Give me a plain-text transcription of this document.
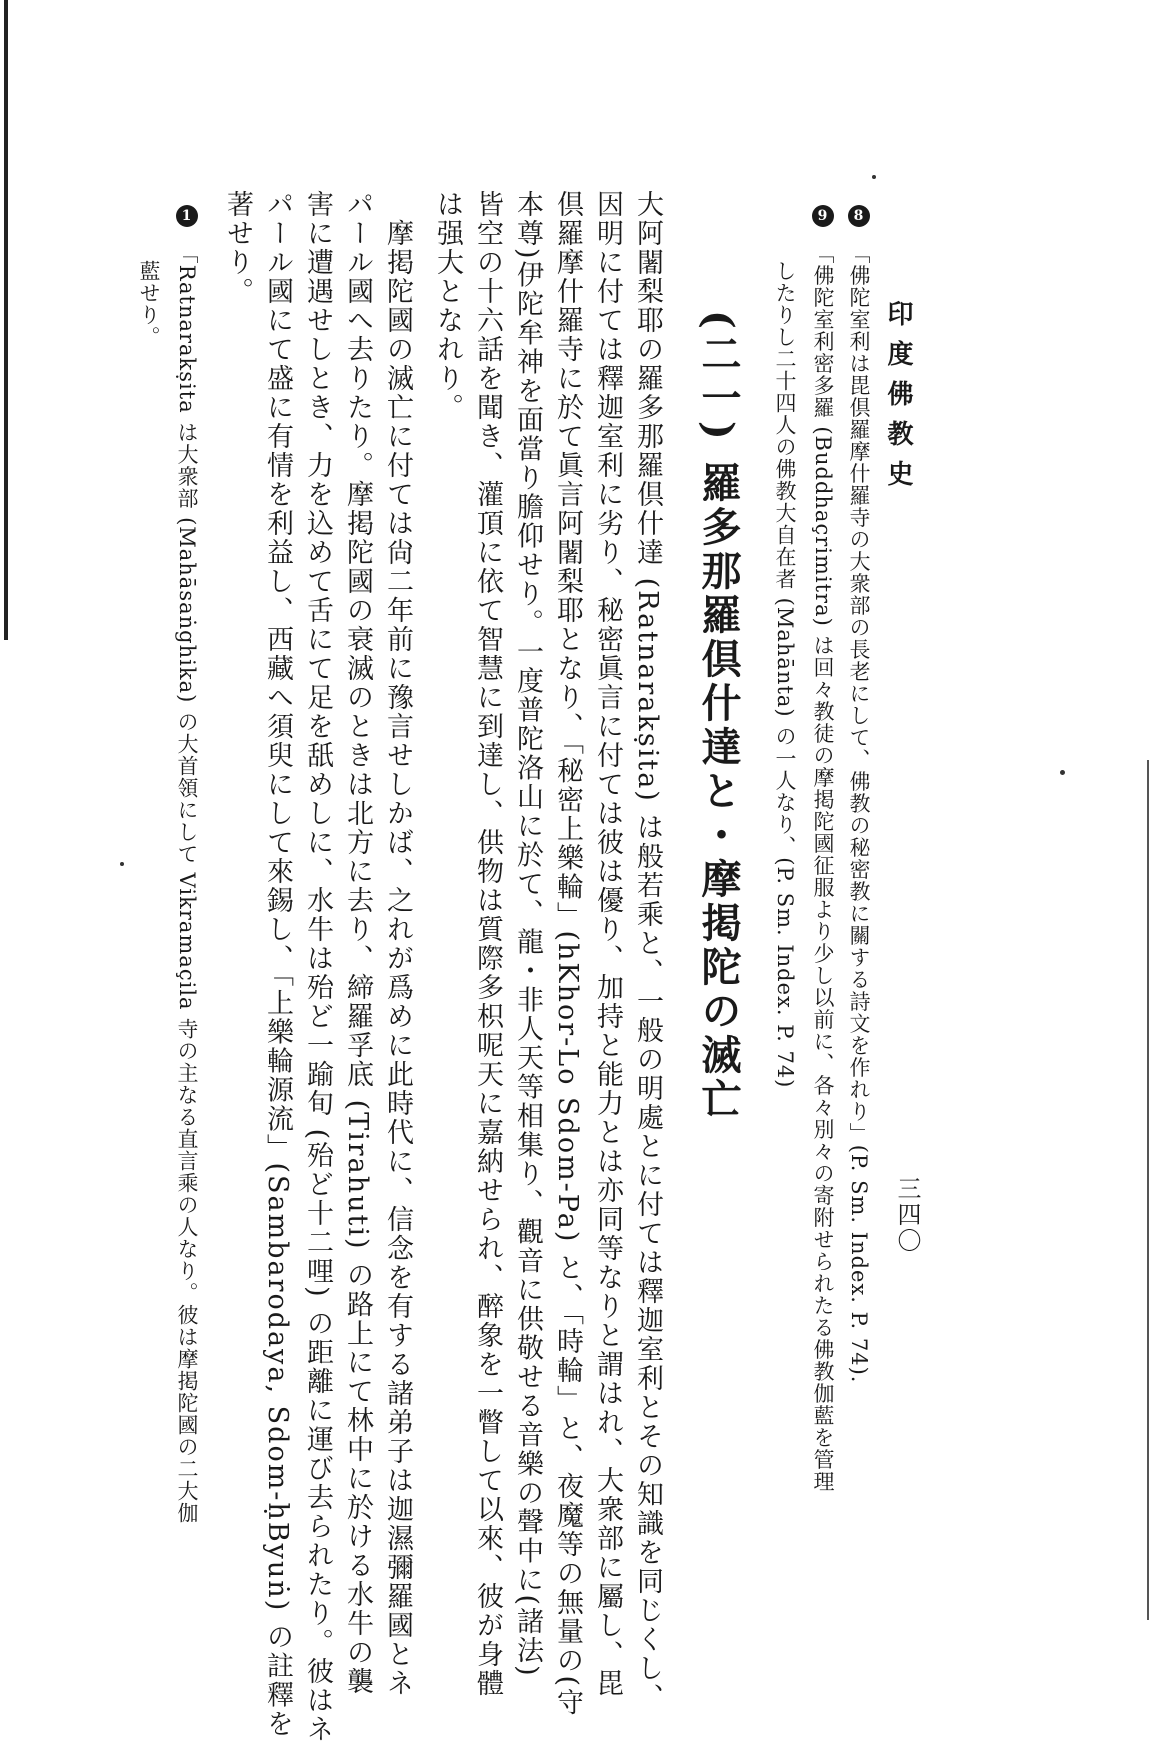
印度佛教史
三四〇
8 「佛陀室利は毘倶羅摩什羅寺の大衆部の長老にして、佛教の秘密教に關する詩文を作れり」(P. Sm. Index. P. 74).
9 「佛陀室利密多羅 (Buddhaçrimitra) は回々教徒の摩掲陀國征服より少し以前に、各々別々の寄附せられたる佛教伽藍を管理
したりし二十四人の佛教大自在者 (Mahānta) の一人なり、(P. Sm. Index. P. 74)
(二一) 羅多那羅倶什達と・摩掲陀の滅亡
大阿闍梨耶の羅多那羅倶什達 (Ratnarakṣita) は般若乘と、一般の明處とに付ては釋迦室利とその知識を同じくし、
因明に付ては釋迦室利に劣り、秘密眞言に付ては彼は優り、加持と能力とは亦同等なりと謂はれ、大衆部に屬し、毘
倶羅摩什羅寺に於て眞言阿闍梨耶となり、「秘密上樂輪」(hKhor-Lo Sdom-Pa) と、「時輪」と、夜魔等の無量の(守
本尊)伊陀牟神を面當り膽仰せり。一度普陀洛山に於て、龍・非人天等相集り、觀音に供敬せる音樂の聲中に(諸法)
皆空の十六話を聞き、灌頂に依て智慧に到達し、供物は質際多枳呢天に嘉納せられ、醉象を一瞥して以來、彼が身體
は强大となれり。
　摩掲陀國の滅亡に付ては尙二年前に豫言せしかば、之れが爲めに此時代に、信念を有する諸弟子は迦濕彌羅國とネ
パール國へ去りたり。摩掲陀國の衰滅のときは北方に去り、締羅孚底 (Tirahuti) の路上にて林中に於ける水牛の襲
害に遭遇せしとき、力を込めて舌にて足を舐めしに、水牛は殆ど一踰旬 (殆ど十二哩) の距離に運び去られたり。彼はネ
パール國にて盛に有情を利益し、西藏へ須臾にして來錫し、「上樂輪源流」(Sambarodaya, Sdom-ḥByuṅ) の註釋を
著せり。
1 「Ratnarakṣita は大衆部 (Mahāsaṅghika) の大首領にして Vikramaçila 寺の主なる直言乘の人なり。彼は摩掲陀國の二大伽
藍せり。
